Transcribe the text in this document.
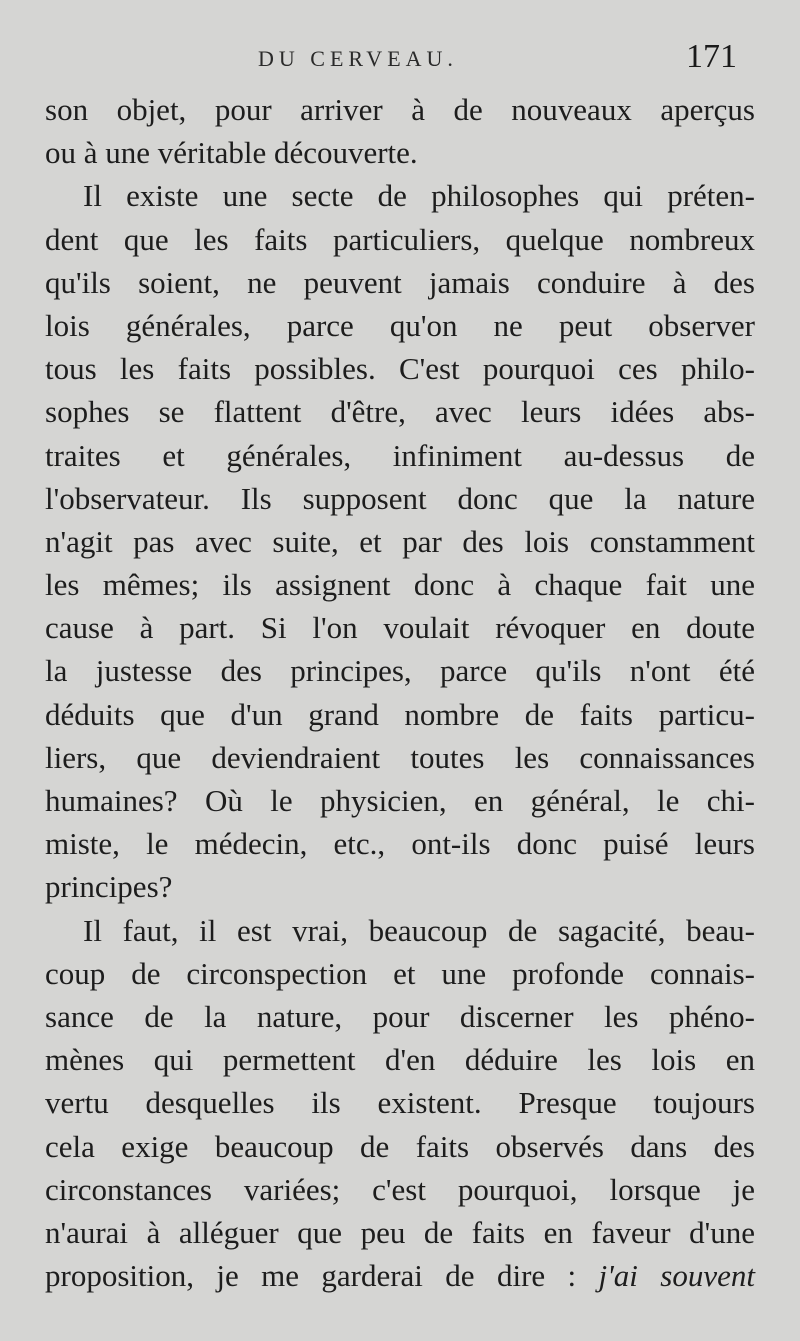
DU CERVEAU.	171
son objet, pour arriver à de nouveaux aperçus
ou à une véritable découverte.
Il existe une secte de philosophes qui préten-
dent que les faits particuliers, quelque nombreux
qu'ils soient, ne peuvent jamais conduire à des
lois générales, parce qu'on ne peut observer
tous les faits possibles. C'est pourquoi ces philo-
sophes se flattent d'être, avec leurs idées abs-
traites et générales, infiniment au-dessus de
l'observateur. Ils supposent donc que la nature
n'agit pas avec suite, et par des lois constamment
les mêmes; ils assignent donc à chaque fait une
cause à part. Si l'on voulait révoquer en doute
la justesse des principes, parce qu'ils n'ont été
déduits que d'un grand nombre de faits particu-
liers, que deviendraient toutes les connaissances
humaines? Où le physicien, en général, le chi-
miste, le médecin, etc., ont-ils donc puisé leurs
principes?
Il faut, il est vrai, beaucoup de sagacité, beau-
coup de circonspection et une profonde connais-
sance de la nature, pour discerner les phéno-
mènes qui permettent d'en déduire les lois en
vertu desquelles ils existent. Presque toujours
cela exige beaucoup de faits observés dans des
circonstances variées; c'est pourquoi, lorsque je
n'aurai à alléguer que peu de faits en faveur d'une
proposition, je me garderai de dire : j'ai souvent
